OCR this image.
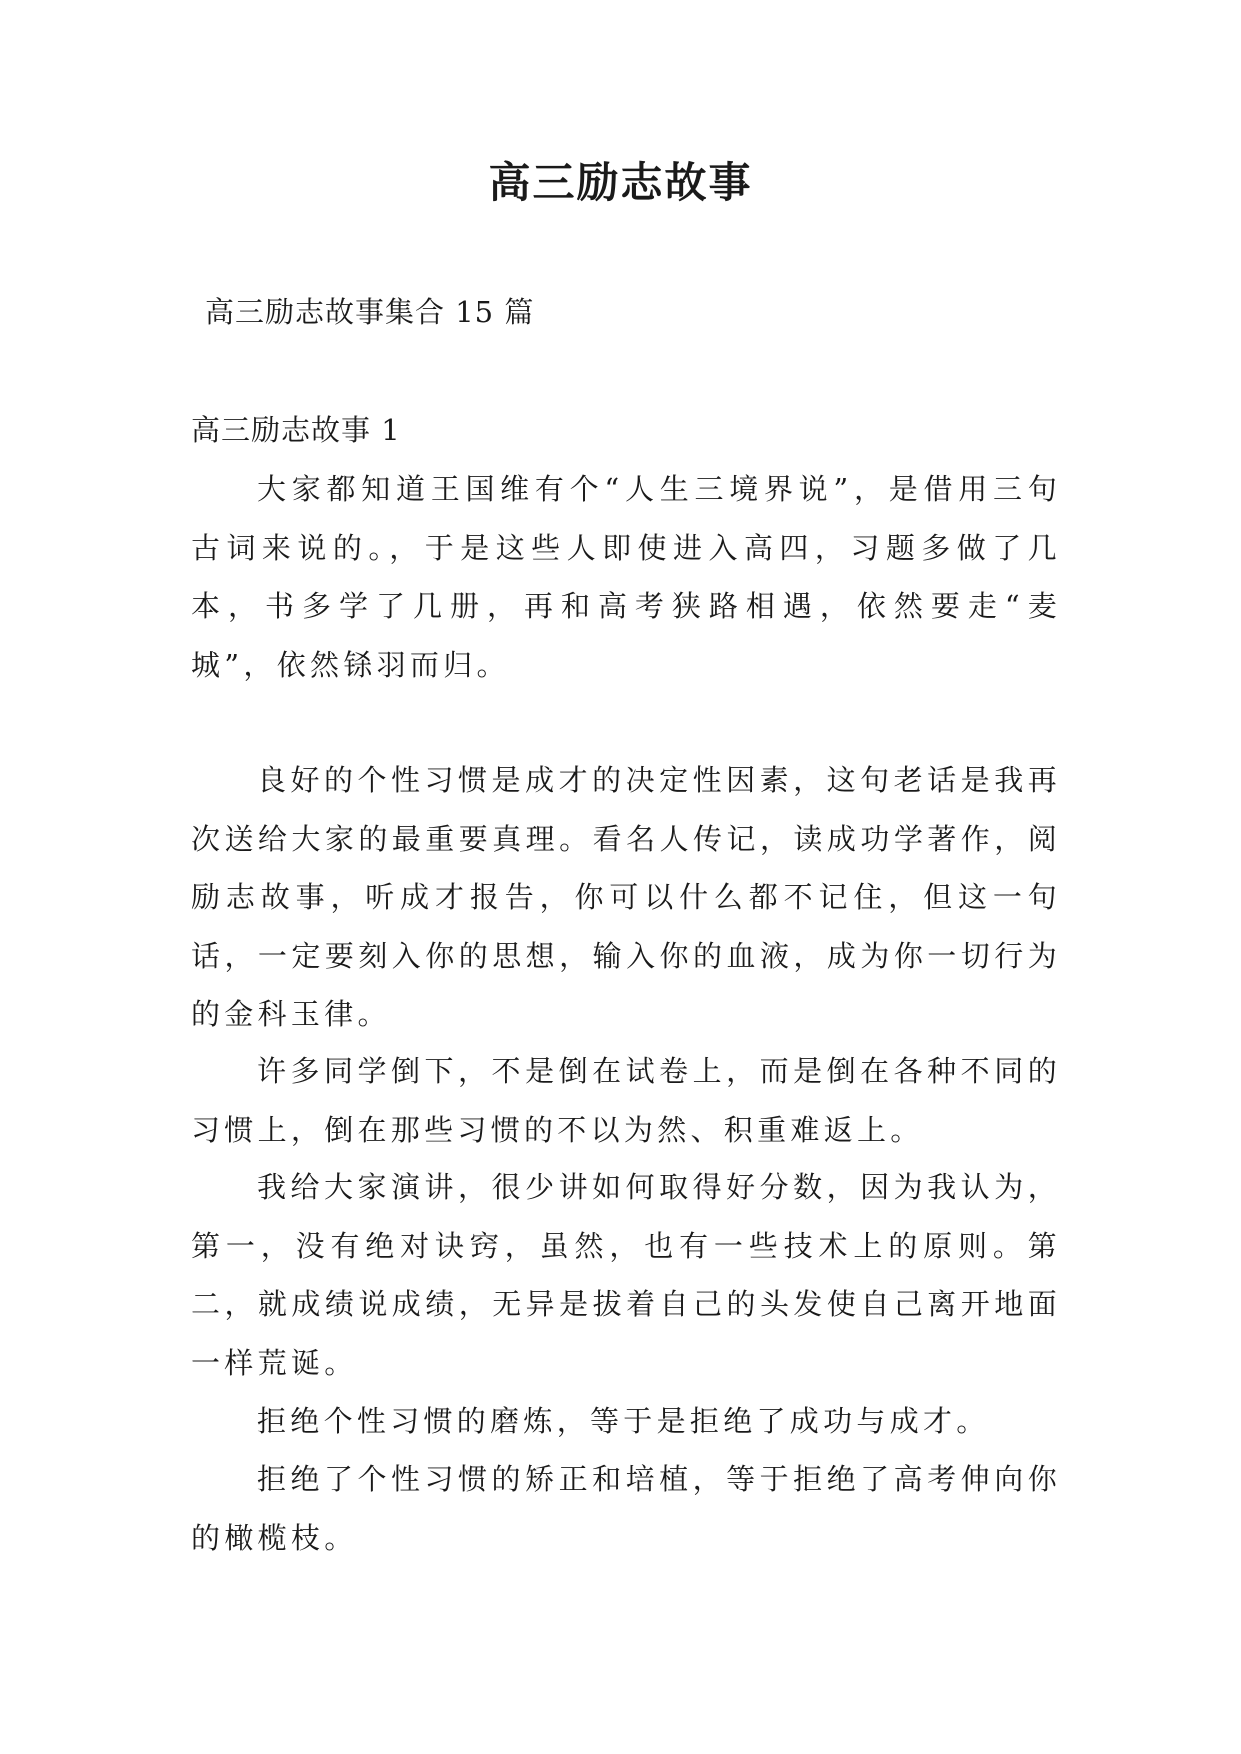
高三励志故事
高三励志故事集合 15 篇
高三励志故事 1

大家都知道王国维有个“人生三境界说”，是借用三句古词来说的。，于是这些人即使进入高四，习题多做了几本，书多学了几册，再和高考狭路相遇，依然要走“麦城”，依然铩羽而归。

良好的个性习惯是成才的决定性因素，这句老话是我再次送给大家的最重要真理。看名人传记，读成功学著作，阅励志故事，听成才报告，你可以什么都不记住，但这一句话，一定要刻入你的思想，输入你的血液，成为你一切行为的金科玉律。

许多同学倒下，不是倒在试卷上，而是倒在各种不同的习惯上，倒在那些习惯的不以为然、积重难返上。

我给大家演讲，很少讲如何取得好分数，因为我认为，第一，没有绝对诀窍，虽然，也有一些技术上的原则。第二，就成绩说成绩，无异是拔着自己的头发使自己离开地面一样荒诞。

拒绝个性习惯的磨炼，等于是拒绝了成功与成才。

拒绝了个性习惯的矫正和培植，等于拒绝了高考伸向你的橄榄枝。
